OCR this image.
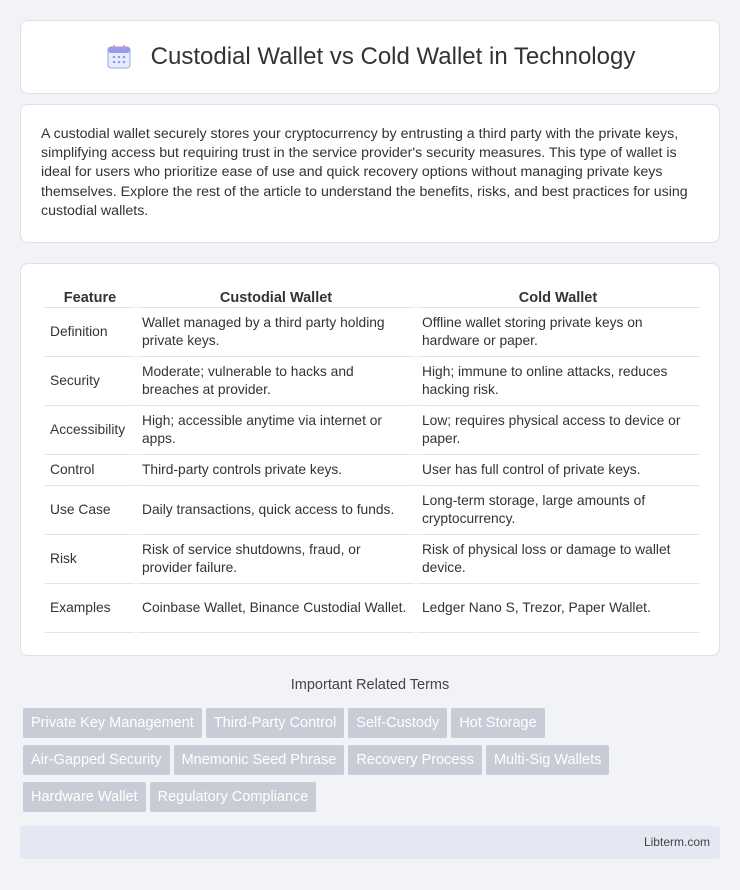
Custodial Wallet vs Cold Wallet in Technology

A custodial wallet securely stores your cryptocurrency by entrusting a third party with the private keys, simplifying access but requiring trust in the service provider's security measures. This type of wallet is ideal for users who prioritize ease of use and quick recovery options without managing private keys themselves. Explore the rest of the article to understand the benefits, risks, and best practices for using custodial wallets.

Feature	Custodial Wallet	Cold Wallet
Definition	Wallet managed by a third party holding private keys.	Offline wallet storing private keys on hardware or paper.
Security	Moderate; vulnerable to hacks and breaches at provider.	High; immune to online attacks, reduces hacking risk.
Accessibility	High; accessible anytime via internet or apps.	Low; requires physical access to device or paper.
Control	Third-party controls private keys.	User has full control of private keys.
Use Case	Daily transactions, quick access to funds.	Long-term storage, large amounts of cryptocurrency.
Risk	Risk of service shutdowns, fraud, or provider failure.	Risk of physical loss or damage to wallet device.
Examples	Coinbase Wallet, Binance Custodial Wallet.	Ledger Nano S, Trezor, Paper Wallet.
Important Related Terms
Private Key Management Third-Party Control Self-Custody Hot Storage
Air-Gapped Security Mnemonic Seed Phrase Recovery Process Multi-Sig Wallets
Hardware Wallet Regulatory Compliance
Libterm.com
